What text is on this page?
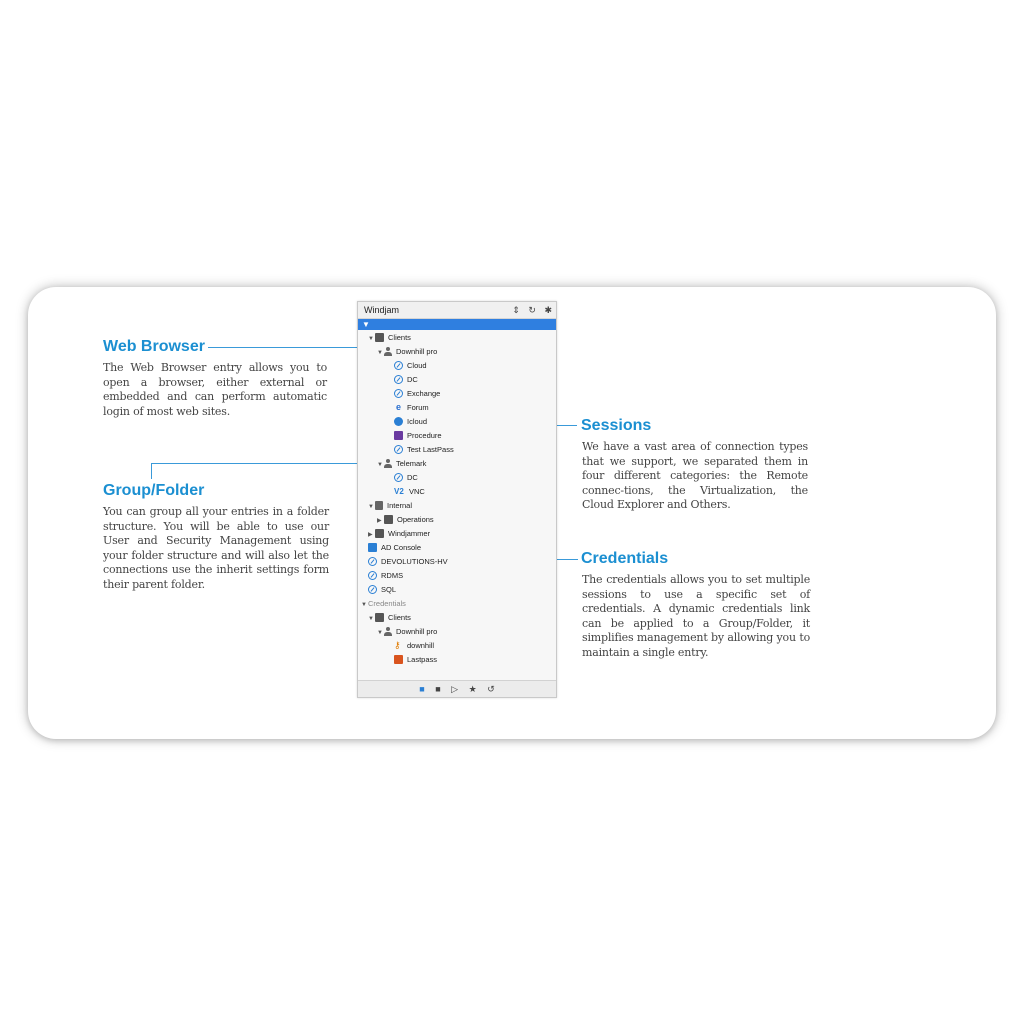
Web Browser
The Web Browser entry allows you to open a browser, either external or embedded and can perform automatic login of most web sites.
Group/Folder
You can group all your entries in a folder structure. You will be able to use our User and Security Management using your folder structure and will also let the connections use the inherit settings form their parent folder.
Sessions
We have a vast area of connection types that we support, we separated them in four different categories: the Remote connec-tions, the Virtualization, the Cloud Explorer and Others.
Credentials
The credentials allows you to set multiple sessions to use a specific set of credentials. A dynamic credentials link can be applied to a Group/Folder, it simplifies management by allowing you to maintain a single entry.
Windjam	⇕ ↻ ✱
▼
▼ Clients
▼ Downhill pro
Cloud
DC
Exchange
e Forum
Icloud
Procedure
Test LastPass
▼ Telemark
DC
V2 VNC
▼ Internal
▶ Operations
▶ Windjammer
AD Console
DEVOLUTIONS-HV
RDMS
SQL
▼Credentials
▼ Clients
▼ Downhill pro
⚷ downhill
Lastpass
■ ■ ▷ ★ ↺
